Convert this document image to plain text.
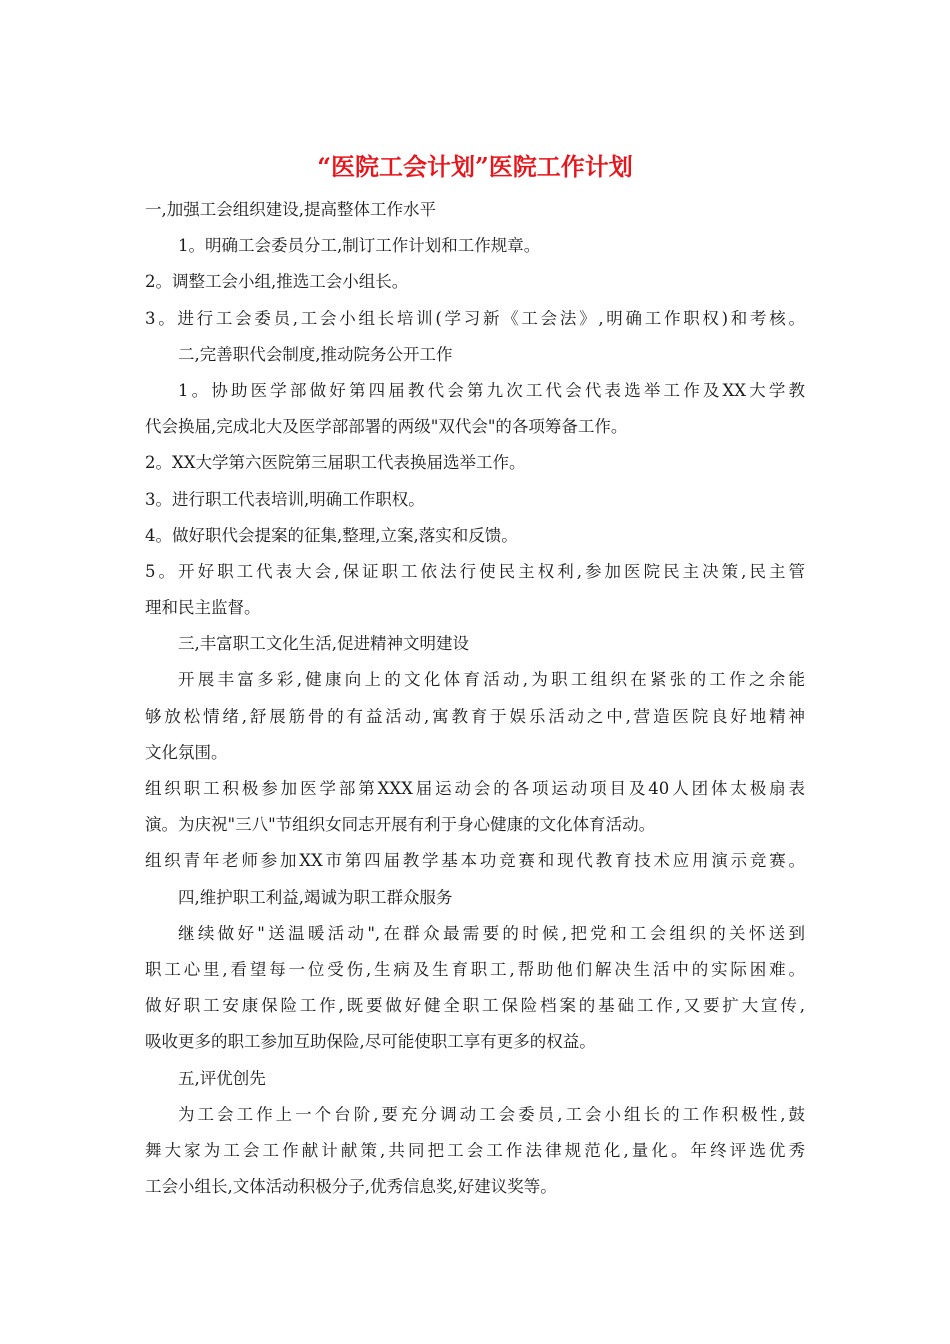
“医院工会计划”医院工作计划
一,加强工会组织建设,提高整体工作水平
1。明确工会委员分工,制订工作计划和工作规章。
2。调整工会小组,推选工会小组长。
3。进行工会委员,工会小组长培训(学习新《工会法》,明确工作职权)和考核。
二,完善职代会制度,推动院务公开工作
1。协助医学部做好第四届教代会第九次工代会代表选举工作及XX大学教
代会换届,完成北大及医学部部署的两级"双代会"的各项筹备工作。
2。XX大学第六医院第三届职工代表换届选举工作。
3。进行职工代表培训,明确工作职权。
4。做好职代会提案的征集,整理,立案,落实和反馈。
5。开好职工代表大会,保证职工依法行使民主权利,参加医院民主决策,民主管
理和民主监督。
三,丰富职工文化生活,促进精神文明建设
开展丰富多彩,健康向上的文化体育活动,为职工组织在紧张的工作之余能
够放松情绪,舒展筋骨的有益活动,寓教育于娱乐活动之中,营造医院良好地精神
文化氛围。
组织职工积极参加医学部第XXX届运动会的各项运动项目及40人团体太极扇表
演。为庆祝"三八"节组织女同志开展有利于身心健康的文化体育活动。
组织青年老师参加XX市第四届教学基本功竞赛和现代教育技术应用演示竞赛。
四,维护职工利益,竭诚为职工群众服务
继续做好"送温暖活动",在群众最需要的时候,把党和工会组织的关怀送到
职工心里,看望每一位受伤,生病及生育职工,帮助他们解决生活中的实际困难。
做好职工安康保险工作,既要做好健全职工保险档案的基础工作,又要扩大宣传,
吸收更多的职工参加互助保险,尽可能使职工享有更多的权益。
五,评优创先
为工会工作上一个台阶,要充分调动工会委员,工会小组长的工作积极性,鼓
舞大家为工会工作献计献策,共同把工会工作法律规范化,量化。年终评选优秀
工会小组长,文体活动积极分子,优秀信息奖,好建议奖等。
